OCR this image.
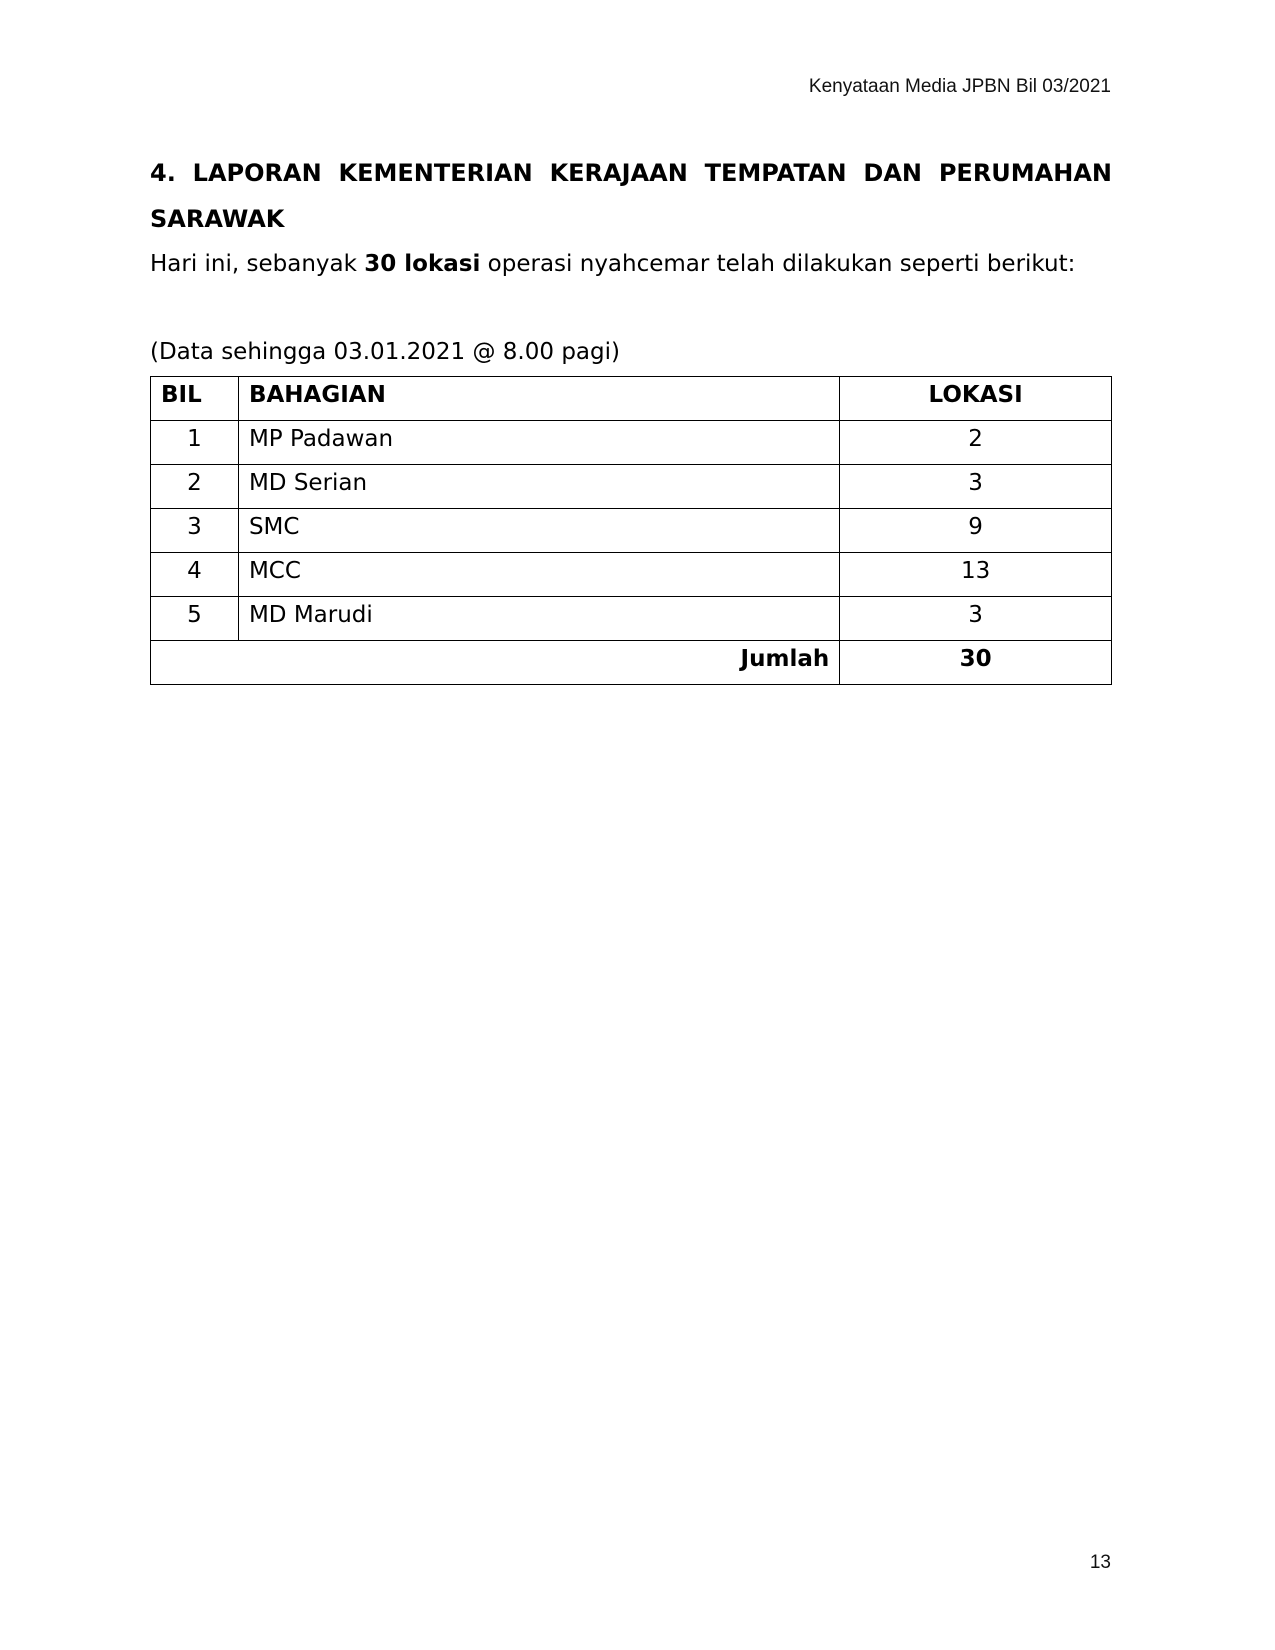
Kenyataan Media JPBN Bil 03/2021

4. LAPORAN KEMENTERIAN KERAJAAN TEMPATAN DAN PERUMAHAN

SARAWAK

Hari ini, sebanyak 30 lokasi operasi nyahcemar telah dilakukan seperti berikut:

(Data sehingga 03.01.2021 @ 8.00 pagi)

BIL	BAHAGIAN	LOKASI
1	MP Padawan	2
2	MD Serian	3
3	SMC	9
4	MCC	13
5	MD Marudi	3
Jumlah		30
13
